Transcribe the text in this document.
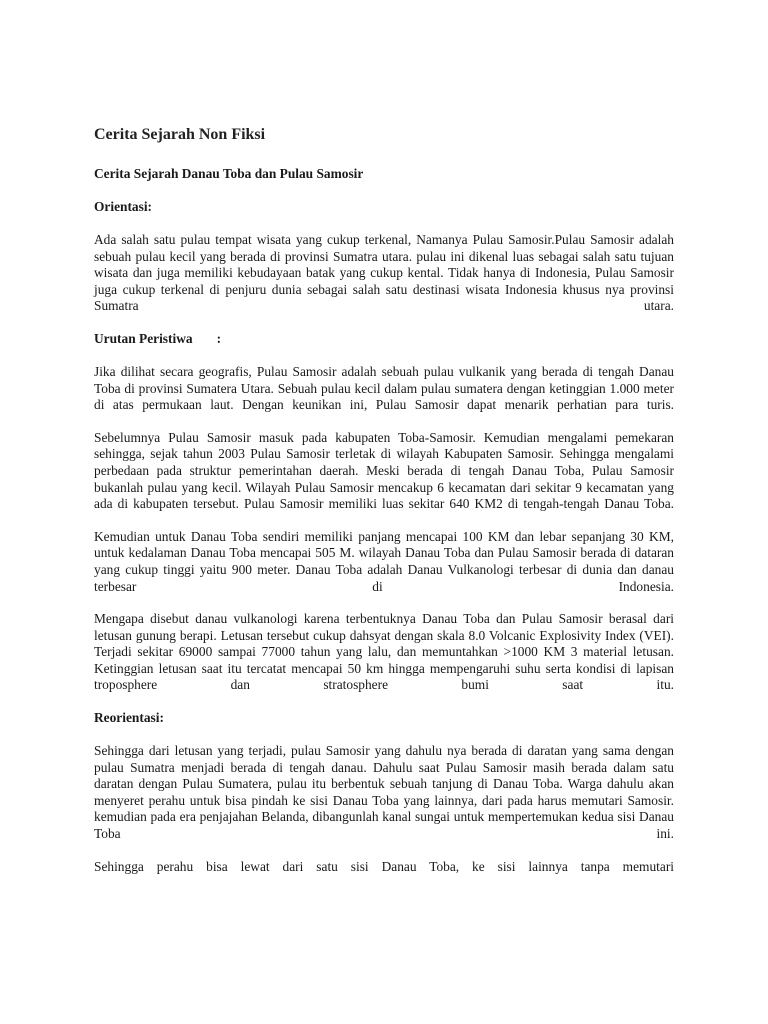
Cerita Sejarah Non Fiksi
Cerita Sejarah Danau Toba dan Pulau Samosir
Orientasi:

Ada salah satu pulau tempat wisata yang cukup terkenal, Namanya Pulau Samosir.Pulau Samosir adalah sebuah pulau kecil yang berada di provinsi Sumatra utara. pulau ini dikenal luas sebagai salah satu tujuan wisata dan juga memiliki kebudayaan batak yang cukup kental. Tidak hanya di Indonesia, Pulau Samosir juga cukup terkenal di penjuru dunia sebagai salah satu destinasi wisata Indonesia khusus nya provinsi Sumatra utara.

Urutan Peristiwa :

Jika dilihat secara geografis, Pulau Samosir adalah sebuah pulau vulkanik yang berada di tengah Danau Toba di provinsi Sumatera Utara. Sebuah pulau kecil dalam pulau sumatera dengan ketinggian 1.000 meter di atas permukaan laut. Dengan keunikan ini, Pulau Samosir dapat menarik perhatian para turis.

Sebelumnya Pulau Samosir masuk pada kabupaten Toba-Samosir. Kemudian mengalami pemekaran sehingga, sejak tahun 2003 Pulau Samosir terletak di wilayah Kabupaten Samosir. Sehingga mengalami perbedaan pada struktur pemerintahan daerah. Meski berada di tengah Danau Toba, Pulau Samosir bukanlah pulau yang kecil. Wilayah Pulau Samosir mencakup 6 kecamatan dari sekitar 9 kecamatan yang ada di kabupaten tersebut. Pulau Samosir memiliki luas sekitar 640 KM2 di tengah-tengah Danau Toba.

Kemudian untuk Danau Toba sendiri memiliki panjang mencapai 100 KM dan lebar sepanjang 30 KM, untuk kedalaman Danau Toba mencapai 505 M. wilayah Danau Toba dan Pulau Samosir berada di dataran yang cukup tinggi yaitu 900 meter. Danau Toba adalah Danau Vulkanologi terbesar di dunia dan danau terbesar di Indonesia.

Mengapa disebut danau vulkanologi karena terbentuknya Danau Toba dan Pulau Samosir berasal dari letusan gunung berapi. Letusan tersebut cukup dahsyat dengan skala 8.0 Volcanic Explosivity Index (VEI). Terjadi sekitar 69000 sampai 77000 tahun yang lalu, dan memuntahkan >1000 KM 3 material letusan. Ketinggian letusan saat itu tercatat mencapai 50 km hingga mempengaruhi suhu serta kondisi di lapisan troposphere dan stratosphere bumi saat itu.

Reorientasi:

Sehingga dari letusan yang terjadi, pulau Samosir yang dahulu nya berada di daratan yang sama dengan pulau Sumatra menjadi berada di tengah danau. Dahulu saat Pulau Samosir masih berada dalam satu daratan dengan Pulau Sumatera, pulau itu berbentuk sebuah tanjung di Danau Toba. Warga dahulu akan menyeret perahu untuk bisa pindah ke sisi Danau Toba yang lainnya, dari pada harus memutari Samosir. kemudian pada era penjajahan Belanda, dibangunlah kanal sungai untuk mempertemukan kedua sisi Danau Toba ini.

Sehingga perahu bisa lewat dari satu sisi Danau Toba, ke sisi lainnya tanpa memutari
